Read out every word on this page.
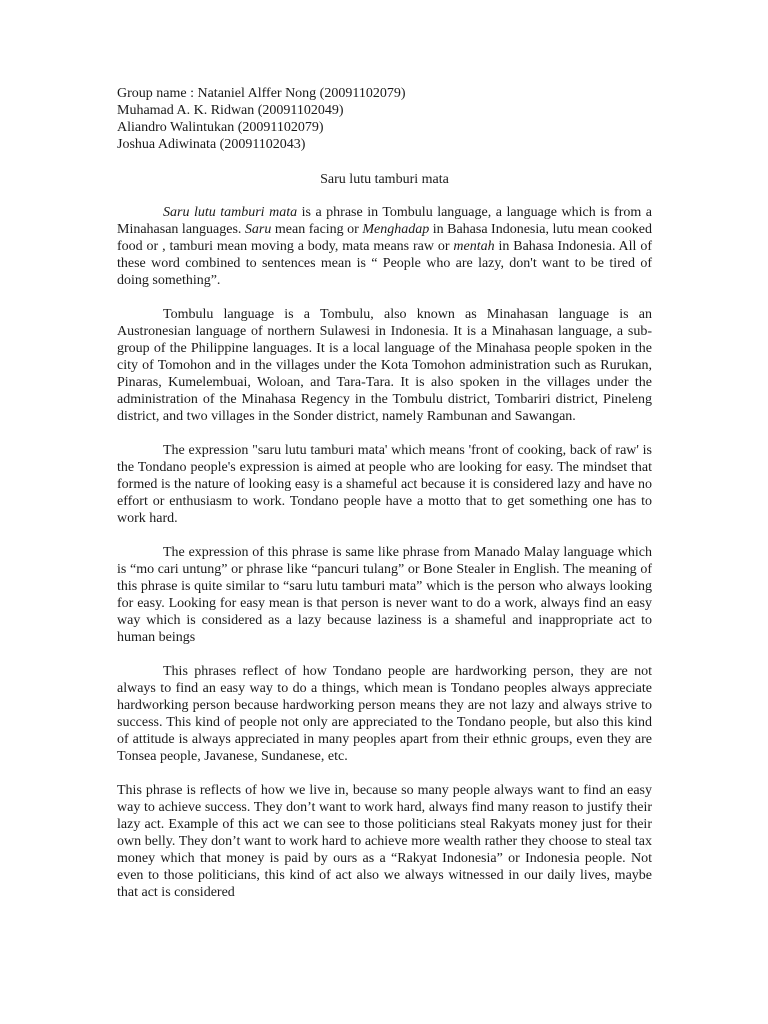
Group name : Nataniel Alffer Nong (20091102079)
Muhamad A. K. Ridwan (20091102049)
Aliandro Walintukan (20091102079)
Joshua Adiwinata (20091102043)
Saru lutu tamburi mata

Saru lutu tamburi mata is a phrase in Tombulu language, a language which is from a Minahasan languages. Saru mean facing or Menghadap in Bahasa Indonesia, lutu mean cooked food or , tamburi mean moving a body, mata means raw or mentah in Bahasa Indonesia. All of these word combined to sentences mean is “ People who are lazy, don't want to be tired of doing something”.

Tombulu language is a Tombulu, also known as Minahasan language is an Austronesian language of northern Sulawesi in Indonesia. It is a Minahasan language, a sub-group of the Philippine languages. It is a local language of the Minahasa people spoken in the city of Tomohon and in the villages under the Kota Tomohon administration such as Rurukan, Pinaras, Kumelembuai, Woloan, and Tara-Tara. It is also spoken in the villages under the administration of the Minahasa Regency in the Tombulu district, Tombariri district, Pineleng district, and two villages in the Sonder district, namely Rambunan and Sawangan.

The expression "saru lutu tamburi mata' which means 'front of cooking, back of raw' is the Tondano people's expression is aimed at people who are looking for easy. The mindset that formed is the nature of looking easy is a shameful act because it is considered lazy and have no effort or enthusiasm to work. Tondano people have a motto that to get something one has to work hard.

The expression of this phrase is same like phrase from Manado Malay language which is “mo cari untung” or phrase like “pancuri tulang” or Bone Stealer in English. The meaning of this phrase is quite similar to “saru lutu tamburi mata” which is the person who always looking for easy. Looking for easy mean is that person is never want to do a work, always find an easy way which is considered as a lazy because laziness is a shameful and inappropriate act to human beings

This phrases reflect of how Tondano people are hardworking person, they are not always to find an easy way to do a things, which mean is Tondano peoples always appreciate hardworking person because hardworking person means they are not lazy and always strive to success. This kind of people not only are appreciated to the Tondano people, but also this kind of attitude is always appreciated in many peoples apart from their ethnic groups, even they are Tonsea people, Javanese, Sundanese, etc.

This phrase is reflects of how we live in, because so many people always want to find an easy way to achieve success. They don’t want to work hard, always find many reason to justify their lazy act. Example of this act we can see to those politicians steal Rakyats money just for their own belly. They don’t want to work hard to achieve more wealth rather they choose to steal tax money which that money is paid by ours as a “Rakyat Indonesia” or Indonesia people. Not even to those politicians, this kind of act also we always witnessed in our daily lives, maybe that act is considered
